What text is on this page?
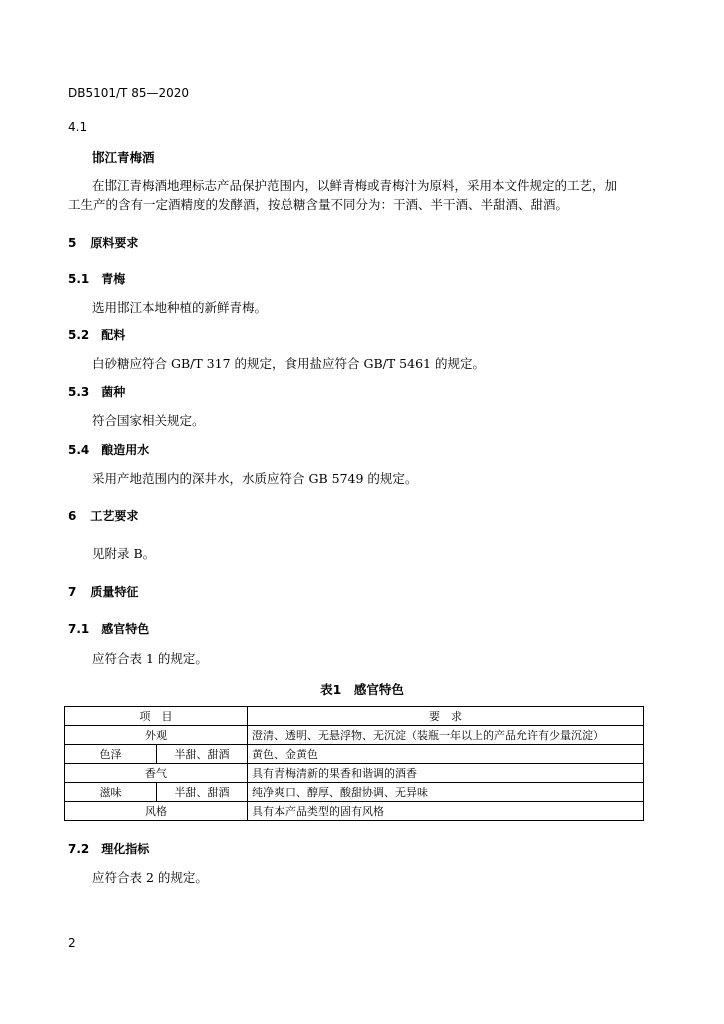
DB5101/T 85—2020
4.1
邯江青梅酒
在邯江青梅酒地理标志产品保护范围内，以鲜青梅或青梅汁为原料，采用本文件规定的工艺，加
工生产的含有一定酒精度的发酵酒，按总糖含量不同分为：干酒、半干酒、半甜酒、甜酒。
5 原料要求
5.1 青梅
选用邯江本地种植的新鲜青梅。
5.2 配料
白砂糖应符合 GB/T 317 的规定，食用盐应符合 GB/T 5461 的规定。
5.3 菌种
符合国家相关规定。
5.4 酿造用水
采用产地范围内的深井水，水质应符合 GB 5749 的规定。
6 工艺要求
见附录 B。
7 质量特征
7.1 感官特色
应符合表 1 的规定。
表1　感官特色
项　目		要　求
外观		澄清、透明、无悬浮物、无沉淀（装瓶一年以上的产品允许有少量沉淀）
色泽	半甜、甜酒	黄色、金黄色
香气		具有青梅清新的果香和谐调的酒香
滋味	半甜、甜酒	纯净爽口、醇厚、酸甜协调、无异味
风格		具有本产品类型的固有风格
7.2 理化指标
应符合表 2 的规定。
2
